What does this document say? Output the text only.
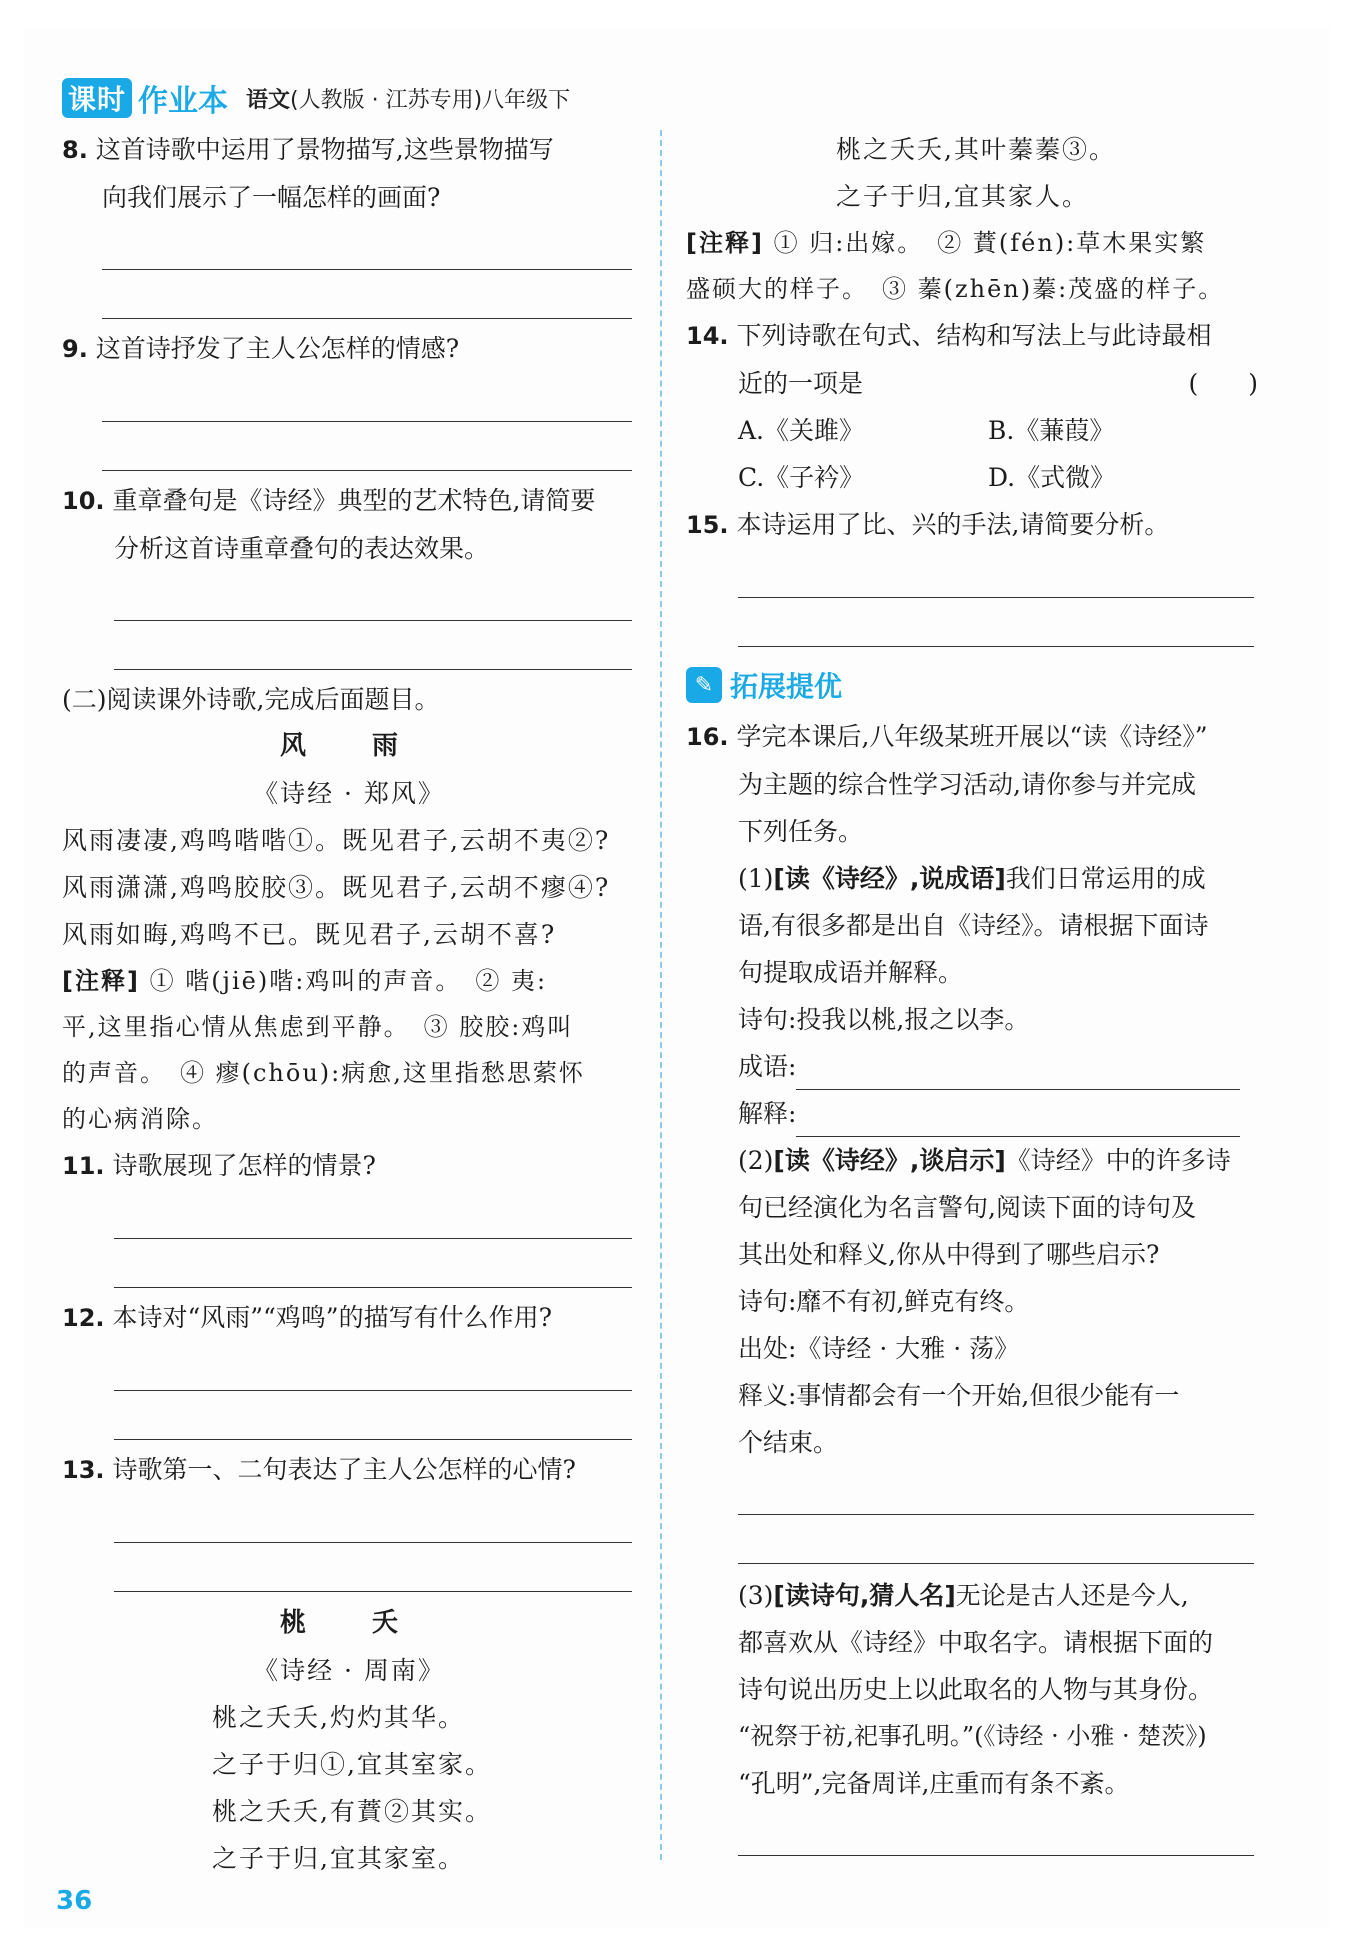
课时 作业本 语文(人教版 · 江苏专用)八年级下
8. 这首诗歌中运用了景物描写,这些景物描写
向我们展示了一幅怎样的画面?
9. 这首诗抒发了主人公怎样的情感?
10. 重章叠句是《诗经》典型的艺术特色,请简要
分析这首诗重章叠句的表达效果。
(二)阅读课外诗歌,完成后面题目。
风　雨
《诗经 · 郑风》
风雨凄凄,鸡鸣喈喈①。既见君子,云胡不夷②?
风雨潇潇,鸡鸣胶胶③。既见君子,云胡不瘳④?
风雨如晦,鸡鸣不已。既见君子,云胡不喜?
[注释] ① 喈(jiē)喈:鸡叫的声音。　② 夷:
平,这里指心情从焦虑到平静。　③ 胶胶:鸡叫
的声音。　④ 瘳(chōu):病愈,这里指愁思萦怀
的心病消除。
11. 诗歌展现了怎样的情景?
12. 本诗对“风雨”“鸡鸣”的描写有什么作用?
13. 诗歌第一、二句表达了主人公怎样的心情?
桃　夭
《诗经 · 周南》
桃之夭夭,灼灼其华。
之子于归①,宜其室家。
桃之夭夭,有蕡②其实。
之子于归,宜其家室。
桃之夭夭,其叶蓁蓁③。
之子于归,宜其家人。
[注释] ① 归:出嫁。　② 蕡(fén):草木果实繁
盛硕大的样子。　③ 蓁(zhēn)蓁:茂盛的样子。
14. 下列诗歌在句式、结构和写法上与此诗最相
近的一项是	(　　)
A.《关雎》	B.《蒹葭》
C.《子衿》	D.《式微》
15. 本诗运用了比、兴的手法,请简要分析。
✎ 拓展提优
16. 学完本课后,八年级某班开展以“读《诗经》”
为主题的综合性学习活动,请你参与并完成
下列任务。
(1)[读《诗经》,说成语]我们日常运用的成
语,有很多都是出自《诗经》。请根据下面诗
句提取成语并解释。
诗句:投我以桃,报之以李。
成语:
解释:
(2)[读《诗经》,谈启示]《诗经》中的许多诗
句已经演化为名言警句,阅读下面的诗句及
其出处和释义,你从中得到了哪些启示?
诗句:靡不有初,鲜克有终。
出处:《诗经 · 大雅 · 荡》
释义:事情都会有一个开始,但很少能有一
个结束。
(3)[读诗句,猜人名]无论是古人还是今人,
都喜欢从《诗经》中取名字。请根据下面的
诗句说出历史上以此取名的人物与其身份。
“祝祭于祊,祀事孔明。”(《诗经 · 小雅 · 楚茨》)
“孔明”,完备周详,庄重而有条不紊。
36
